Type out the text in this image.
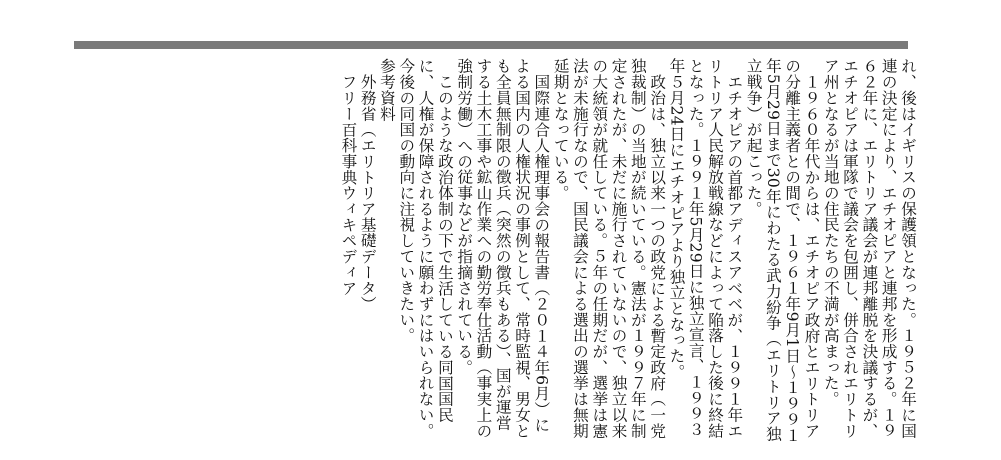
れ、後はイギリスの保護領となった。１９５２年に国連の決定により、エチオピアと連邦を形成する。１９６２年に、エリトリア議会が連邦離脱を決議するが、エチオピアは軍隊で議会を包囲し、併合されエリトリア州となるが当地の住民たちの不満が高まった。

１９６０年代からは、エチオピア政府とエリトリアの分離主義者との間で、１９６１年9月1日〜１９９１年5月29日まで30年にわたる武力紛争（エリトリア独立戦争）が起こった。

エチオピアの首都アディスアベベが、１９９１年エリトリア人民解放戦線などによって陥落した後に終結となった。１９９１年5月29日に独立宣言、１９９３年５月24日にエチオピアより独立となった。

政治は、独立以来一つの政党による暫定政府（一党独裁制）の当地が続いている。憲法が１９９７年に制定されたが、未だに施行されていないので、独立以来の大統領が就任している。５年の任期だが、選挙は憲法が未施行なので、国民議会による選出の選挙は無期延期となっている。

国際連合人権理事会の報告書（２０１４年6月）による国内の人権状況の事例として、常時監視、男女とも全員無制限の徴兵（突然の徴兵もある）、国が運営する土木工事や鉱山作業への勤労奉仕活動（事実上の強制労働）への従事などが指摘されている。

このような政治体制の下で生活している同国国民に、人権が保障されるように願わずにはいられない。今後の同国の動向に注視していきたい。

参考資料

外務省（エリトリア基礎データ）
フリー百科事典ウィキペディア
